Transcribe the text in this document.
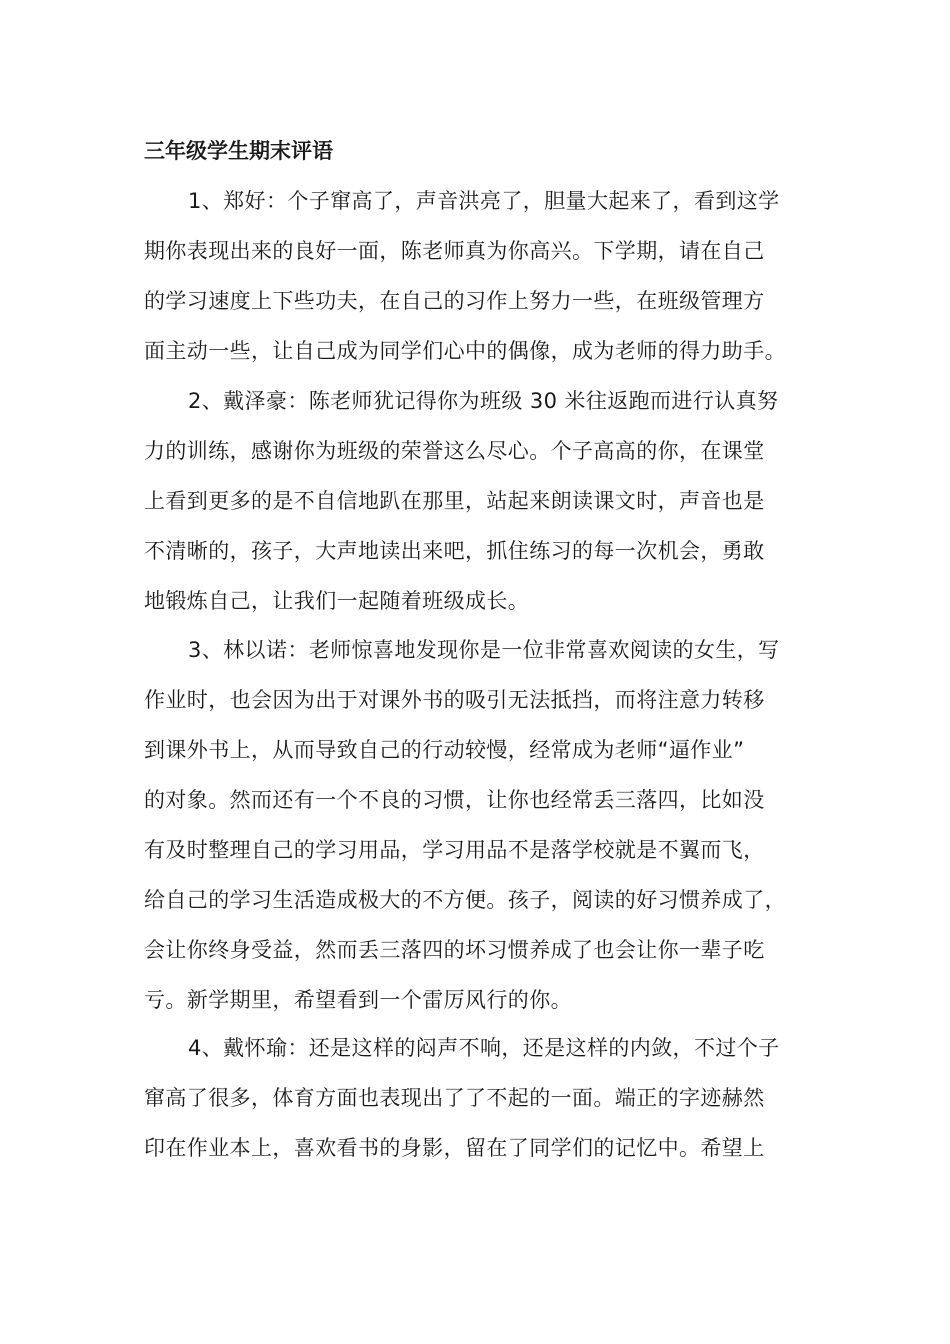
三年级学生期末评语
1、郑好：个子窜高了，声音洪亮了，胆量大起来了，看到这学
期你表现出来的良好一面，陈老师真为你高兴。下学期，请在自己
的学习速度上下些功夫，在自己的习作上努力一些，在班级管理方
面主动一些，让自己成为同学们心中的偶像，成为老师的得力助手。
2、戴泽豪：陈老师犹记得你为班级 30 米往返跑而进行认真努
力的训练，感谢你为班级的荣誉这么尽心。个子高高的你，在课堂
上看到更多的是不自信地趴在那里，站起来朗读课文时，声音也是
不清晰的，孩子，大声地读出来吧，抓住练习的每一次机会，勇敢
地锻炼自己，让我们一起随着班级成长。
3、林以诺：老师惊喜地发现你是一位非常喜欢阅读的女生，写
作业时，也会因为出于对课外书的吸引无法抵挡，而将注意力转移
到课外书上，从而导致自己的行动较慢，经常成为老师“逼作业”
的对象。然而还有一个不良的习惯，让你也经常丢三落四，比如没
有及时整理自己的学习用品，学习用品不是落学校就是不翼而飞，
给自己的学习生活造成极大的不方便。孩子，阅读的好习惯养成了，
会让你终身受益，然而丢三落四的坏习惯养成了也会让你一辈子吃
亏。新学期里，希望看到一个雷厉风行的你。
4、戴怀瑜：还是这样的闷声不响，还是这样的内敛，不过个子
窜高了很多，体育方面也表现出了了不起的一面。端正的字迹赫然
印在作业本上，喜欢看书的身影，留在了同学们的记忆中。希望上
